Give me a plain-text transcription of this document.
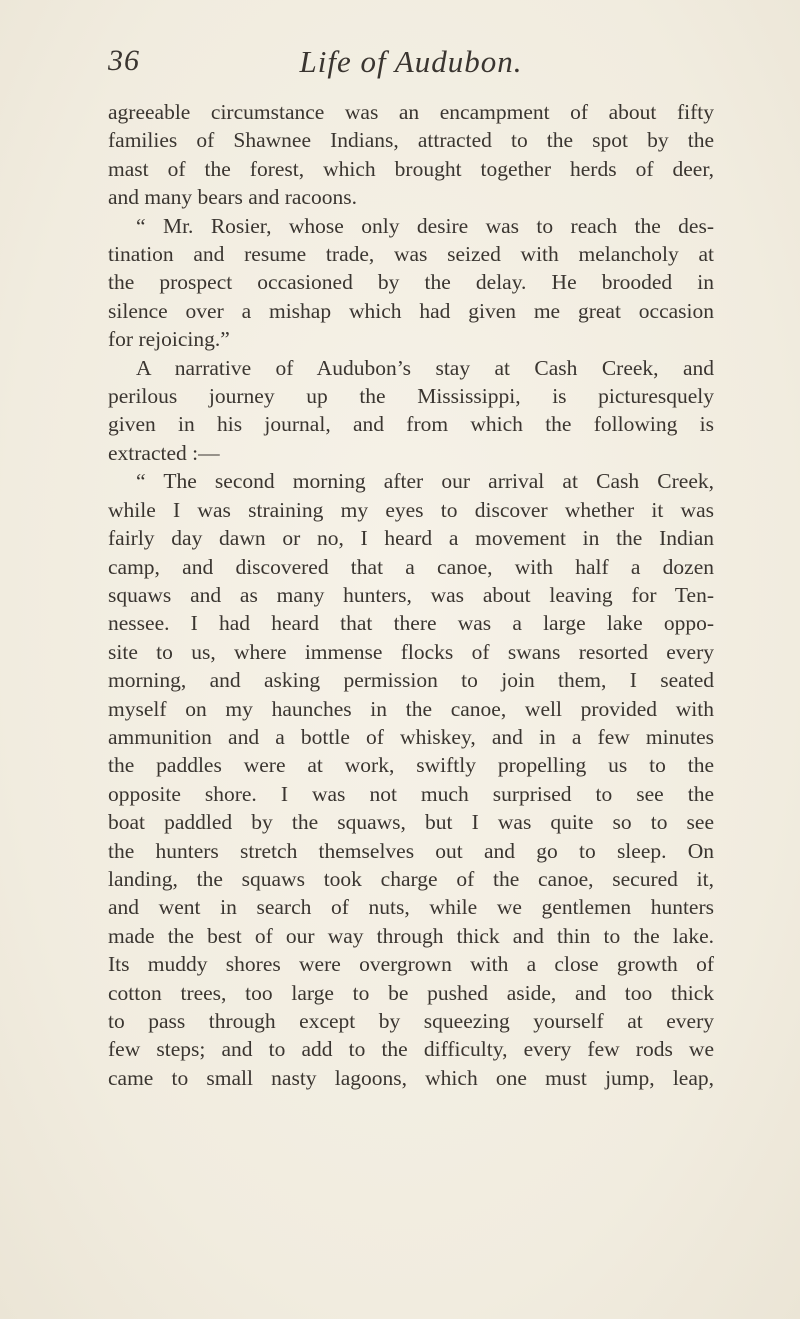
36	Life of Audubon.

agreeable circumstance was an encampment of about fifty

families of Shawnee Indians, attracted to the spot by the

mast of the forest, which brought together herds of deer,

and many bears and racoons.

“ Mr. Rosier, whose only desire was to reach the des-

tination and resume trade, was seized with melancholy at

the prospect occasioned by the delay. He brooded in

silence over a mishap which had given me great occasion

for rejoicing.”

A narrative of Audubon’s stay at Cash Creek, and

perilous journey up the Mississippi, is picturesquely

given in his journal, and from which the following is

extracted :—

“ The second morning after our arrival at Cash Creek,

while I was straining my eyes to discover whether it was

fairly day dawn or no, I heard a movement in the Indian

camp, and discovered that a canoe, with half a dozen

squaws and as many hunters, was about leaving for Ten-

nessee. I had heard that there was a large lake oppo-

site to us, where immense flocks of swans resorted every

morning, and asking permission to join them, I seated

myself on my haunches in the canoe, well provided with

ammunition and a bottle of whiskey, and in a few minutes

the paddles were at work, swiftly propelling us to the

opposite shore. I was not much surprised to see the

boat paddled by the squaws, but I was quite so to see

the hunters stretch themselves out and go to sleep. On

landing, the squaws took charge of the canoe, secured it,

and went in search of nuts, while we gentlemen hunters

made the best of our way through thick and thin to the lake.

Its muddy shores were overgrown with a close growth of

cotton trees, too large to be pushed aside, and too thick

to pass through except by squeezing yourself at every

few steps; and to add to the difficulty, every few rods we

came to small nasty lagoons, which one must jump, leap,
